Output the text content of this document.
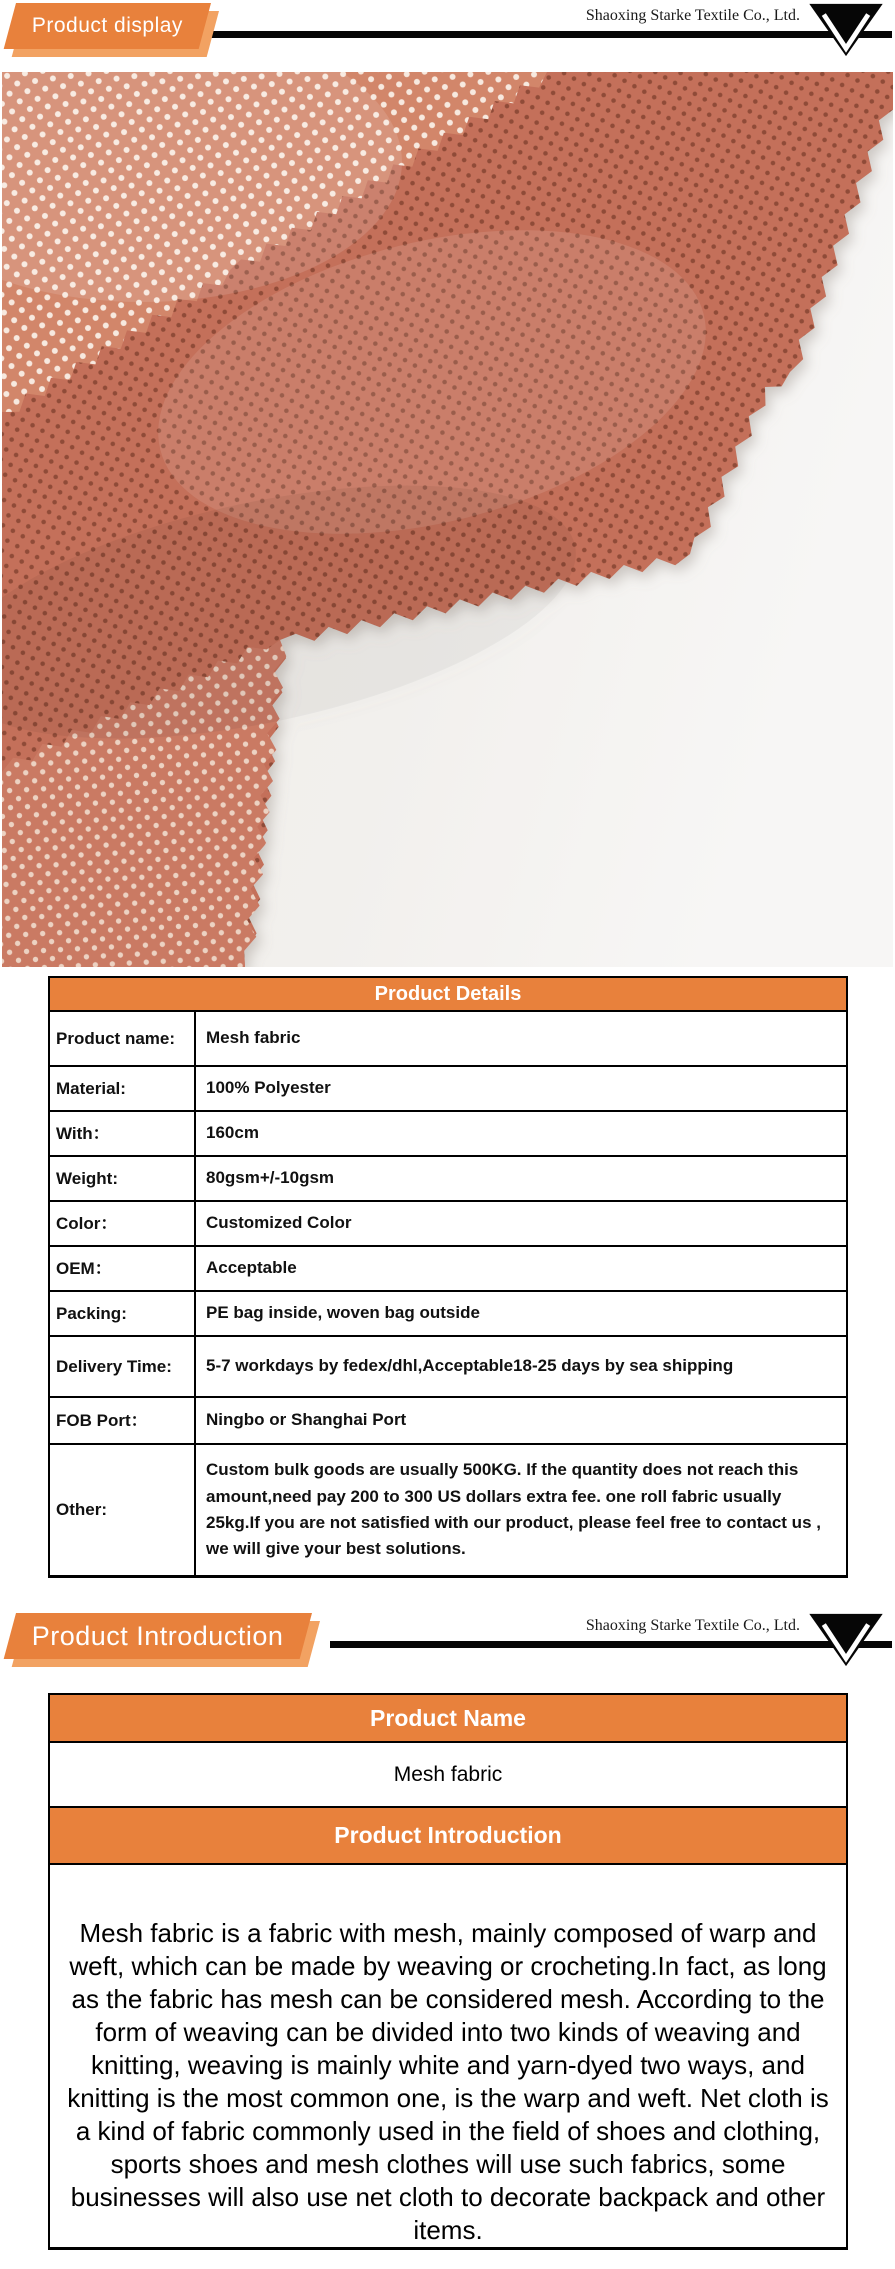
Product display	Shaoxing Starke Textile Co., Ltd.
Product Details
Product name:	Mesh fabric
Material:	100% Polyester
With：	160cm
Weight:	80gsm+/-10gsm
Color：	Customized Color
OEM：	Acceptable
Packing:	PE bag inside, woven bag outside
Delivery Time:	5-7 workdays by fedex/dhl,Acceptable18-25 days by sea shipping
FOB Port：	Ningbo or Shanghai Port
Other:
Custom bulk goods are usually 500KG. If the quantity does not reach this amount,need pay 200 to 300 US dollars extra fee. one roll fabric usually 25kg.If you are not satisfied with our product, please feel free to contact us , we will give your best solutions.
Product Introduction	Shaoxing Starke Textile Co., Ltd.
Product Name
Mesh fabric
Product Introduction
Mesh fabric is a fabric with mesh, mainly composed of warp and weft, which can be made by weaving or crocheting.In fact, as long as the fabric has mesh can be considered mesh. According to the form of weaving can be divided into two kinds of weaving and knitting, weaving is mainly white and yarn-dyed two ways, and knitting is the most common one, is the warp and weft. Net cloth is a kind of fabric commonly used in the field of shoes and clothing, sports shoes and mesh clothes will use such fabrics, some businesses will also use net cloth to decorate backpack and other items.
